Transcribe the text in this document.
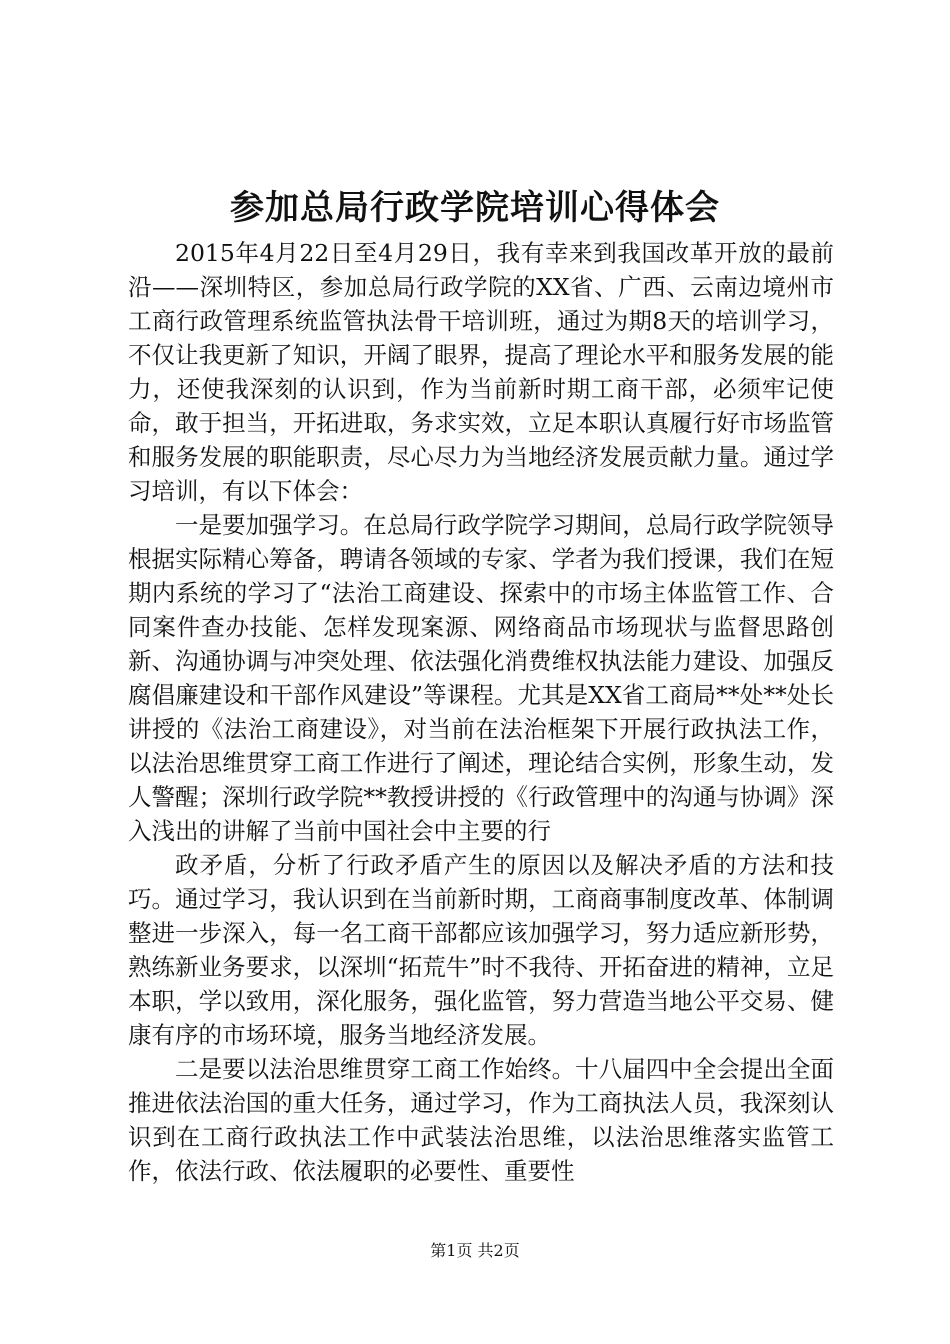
参加总局行政学院培训心得体会

2015年4月22日至4月29日，我有幸来到我国改革开放的最前沿——深圳特区，参加总局行政学院的XX省、广西、云南边境州市工商行政管理系统监管执法骨干培训班，通过为期8天的培训学习，不仅让我更新了知识，开阔了眼界，提高了理论水平和服务发展的能力，还使我深刻的认识到，作为当前新时期工商干部，必须牢记使命，敢于担当，开拓进取，务求实效，立足本职认真履行好市场监管和服务发展的职能职责，尽心尽力为当地经济发展贡献力量。通过学习培训，有以下体会：

一是要加强学习。在总局行政学院学习期间，总局行政学院领导根据实际精心筹备，聘请各领域的专家、学者为我们授课，我们在短期内系统的学习了“法治工商建设、探索中的市场主体监管工作、合同案件查办技能、怎样发现案源、网络商品市场现状与监督思路创新、沟通协调与冲突处理、依法强化消费维权执法能力建设、加强反腐倡廉建设和干部作风建设”等课程。尤其是XX省工商局**处**处长讲授的《法治工商建设》，对当前在法治框架下开展行政执法工作，以法治思维贯穿工商工作进行了阐述，理论结合实例，形象生动，发人警醒；深圳行政学院**教授讲授的《行政管理中的沟通与协调》深入浅出的讲解了当前中国社会中主要的行

政矛盾，分析了行政矛盾产生的原因以及解决矛盾的方法和技巧。通过学习，我认识到在当前新时期，工商商事制度改革、体制调整进一步深入，每一名工商干部都应该加强学习，努力适应新形势，熟练新业务要求，以深圳“拓荒牛”时不我待、开拓奋进的精神，立足本职，学以致用，深化服务，强化监管，努力营造当地公平交易、健康有序的市场环境，服务当地经济发展。

二是要以法治思维贯穿工商工作始终。十八届四中全会提出全面推进依法治国的重大任务，通过学习，作为工商执法人员，我深刻认识到在工商行政执法工作中武装法治思维，以法治思维落实监管工作，依法行政、依法履职的必要性、重要性

第1页 共2页
